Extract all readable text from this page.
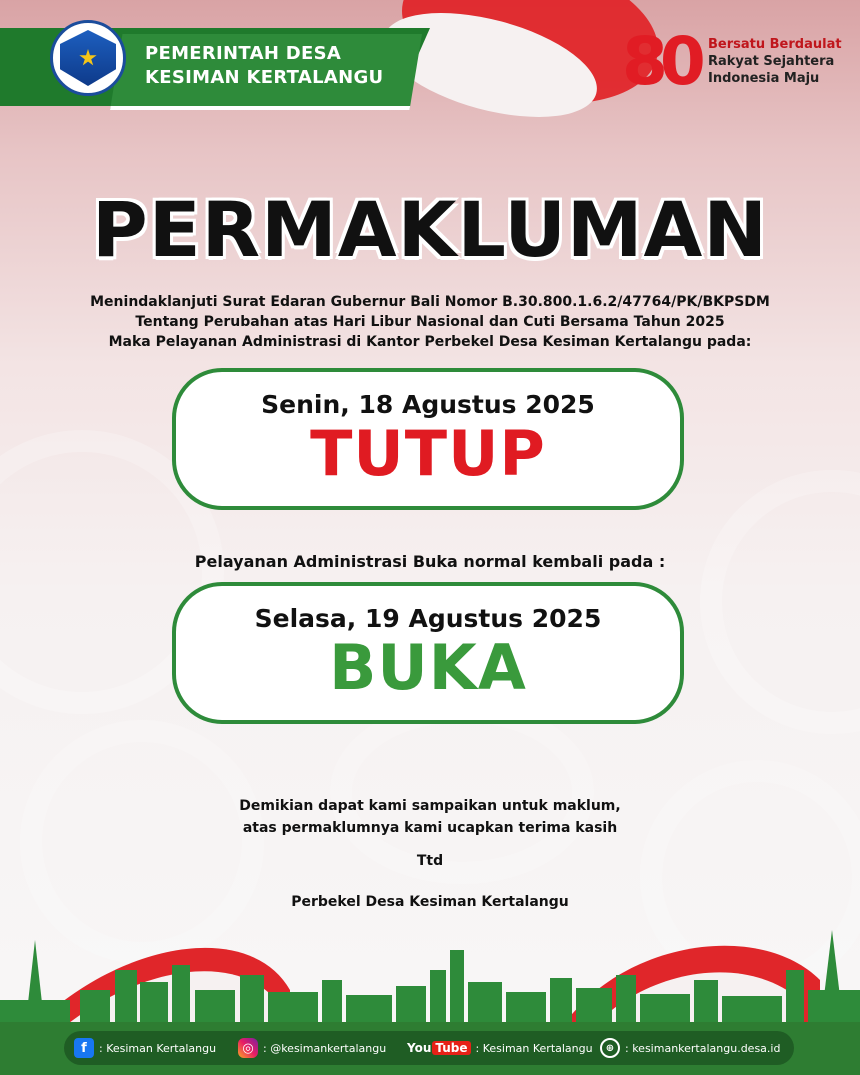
PEMERINTAH DESA
KESIMAN KERTALANGU	80 Bersatu Berdaulat
Rakyat Sejahtera
Indonesia Maju
PERMAKLUMAN
Menindaklanjuti Surat Edaran Gubernur Bali Nomor B.30.800.1.6.2/47764/PK/BKPSDM
Tentang Perubahan atas Hari Libur Nasional dan Cuti Bersama Tahun 2025
Maka Pelayanan Administrasi di Kantor Perbekel Desa Kesiman Kertalangu pada:
Senin, 18 Agustus 2025
TUTUP
Pelayanan Administrasi Buka normal kembali pada :
Selasa, 19 Agustus 2025
BUKA
Demikian dapat kami sampaikan untuk maklum,
atas permaklumnya kami ucapkan terima kasih
Ttd
Perbekel Desa Kesiman Kertalangu
f	: Kesiman Kertalangu	◎ : @kesimankertalangu You Tube : Kesiman Kertalangu	⊕ : kesimankertalangu.desa.id
